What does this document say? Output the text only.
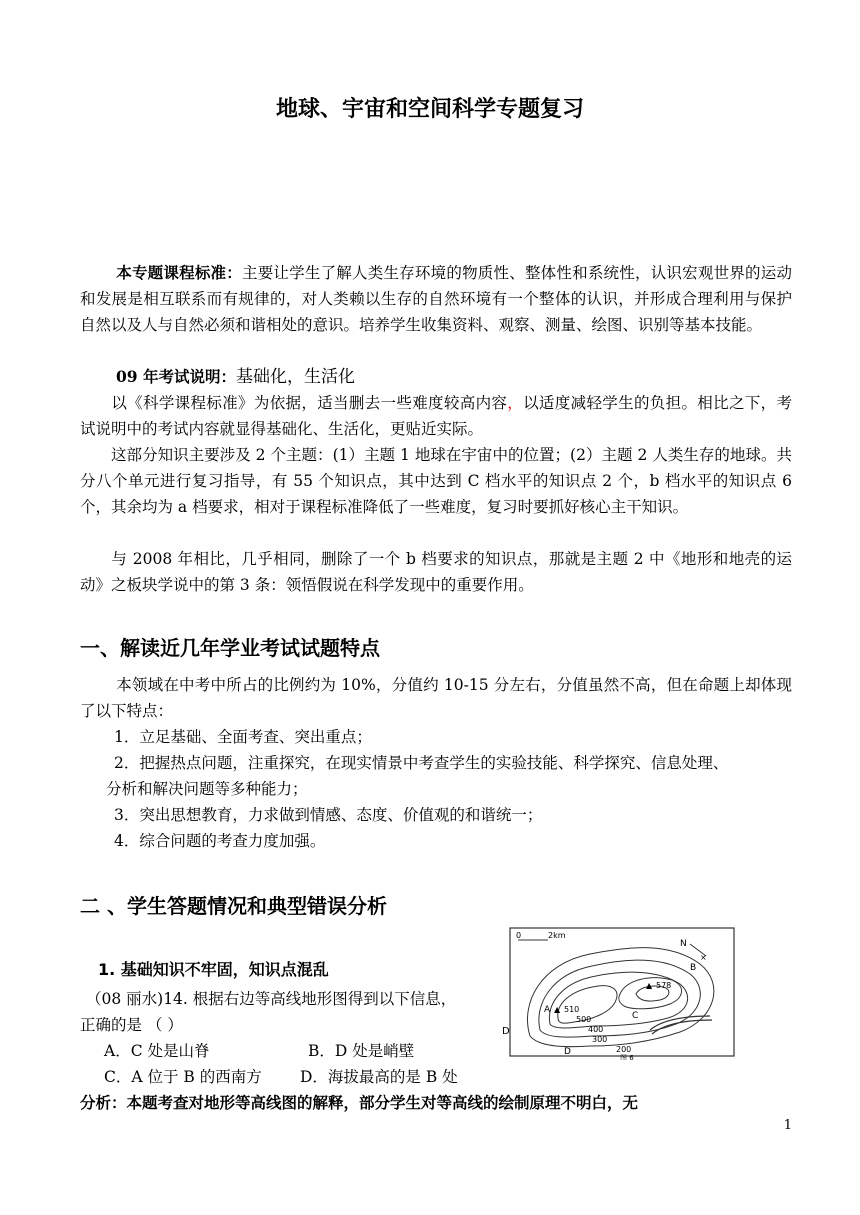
地球、宇宙和空间科学专题复习
本专题课程标准：主要让学生了解人类生存环境的物质性、整体性和系统性，认识宏观世界的运动和发展是相互联系而有规律的，对人类赖以生存的自然环境有一个整体的认识，并形成合理利用与保护自然以及人与自然必须和谐相处的意识。培养学生收集资料、观察、测量、绘图、识别等基本技能。
09 年考试说明：基础化，生活化
以《科学课程标准》为依据，适当删去一些难度较高内容，以适度减轻学生的负担。相比之下，考试说明中的考试内容就显得基础化、生活化，更贴近实际。
这部分知识主要涉及 2 个主题：(1）主题 1 地球在宇宙中的位置；(2）主题 2 人类生存的地球。共分八个单元进行复习指导，有 55 个知识点，其中达到 C 档水平的知识点 2 个，b 档水平的知识点 6 个，其余均为 a 档要求，相对于课程标准降低了一些难度，复习时要抓好核心主干知识。
与 2008 年相比，几乎相同，删除了一个 b 档要求的知识点，那就是主题 2 中《地形和地壳的运动》之板块学说中的第 3 条：领悟假说在科学发现中的重要作用。
一、解读近几年学业考试试题特点
本领域在中考中所占的比例约为 10%，分值约 10-15 分左右，分值虽然不高，但在命题上却体现了以下特点：
1．立足基础、全面考查、突出重点；
2．把握热点问题，注重探究，在现实情景中考查学生的实验技能、科学探究、信息处理、
分析和解决问题等多种能力；
3．突出思想教育，力求做到情感、态度、价值观的和谐统一；
4．综合问题的考查力度加强。
二 、学生答题情况和典型错误分析
1. 基础知识不牢固，知识点混乱
（08 丽水)14. 根据右边等高线地形图得到以下信息，
正确的是 （ ）
A．C 处是山脊	B．D 处是峭壁
C．A 位于 B 的西南方 D．海拔最高的是 B 处
分析：本题考查对地形等高线图的解释，部分学生对等高线的绘制原理不明白，无
0	2km
N
×
A ▲ 510
B
▲ 578
C
D
D
500
400
300
200
图 6
1
